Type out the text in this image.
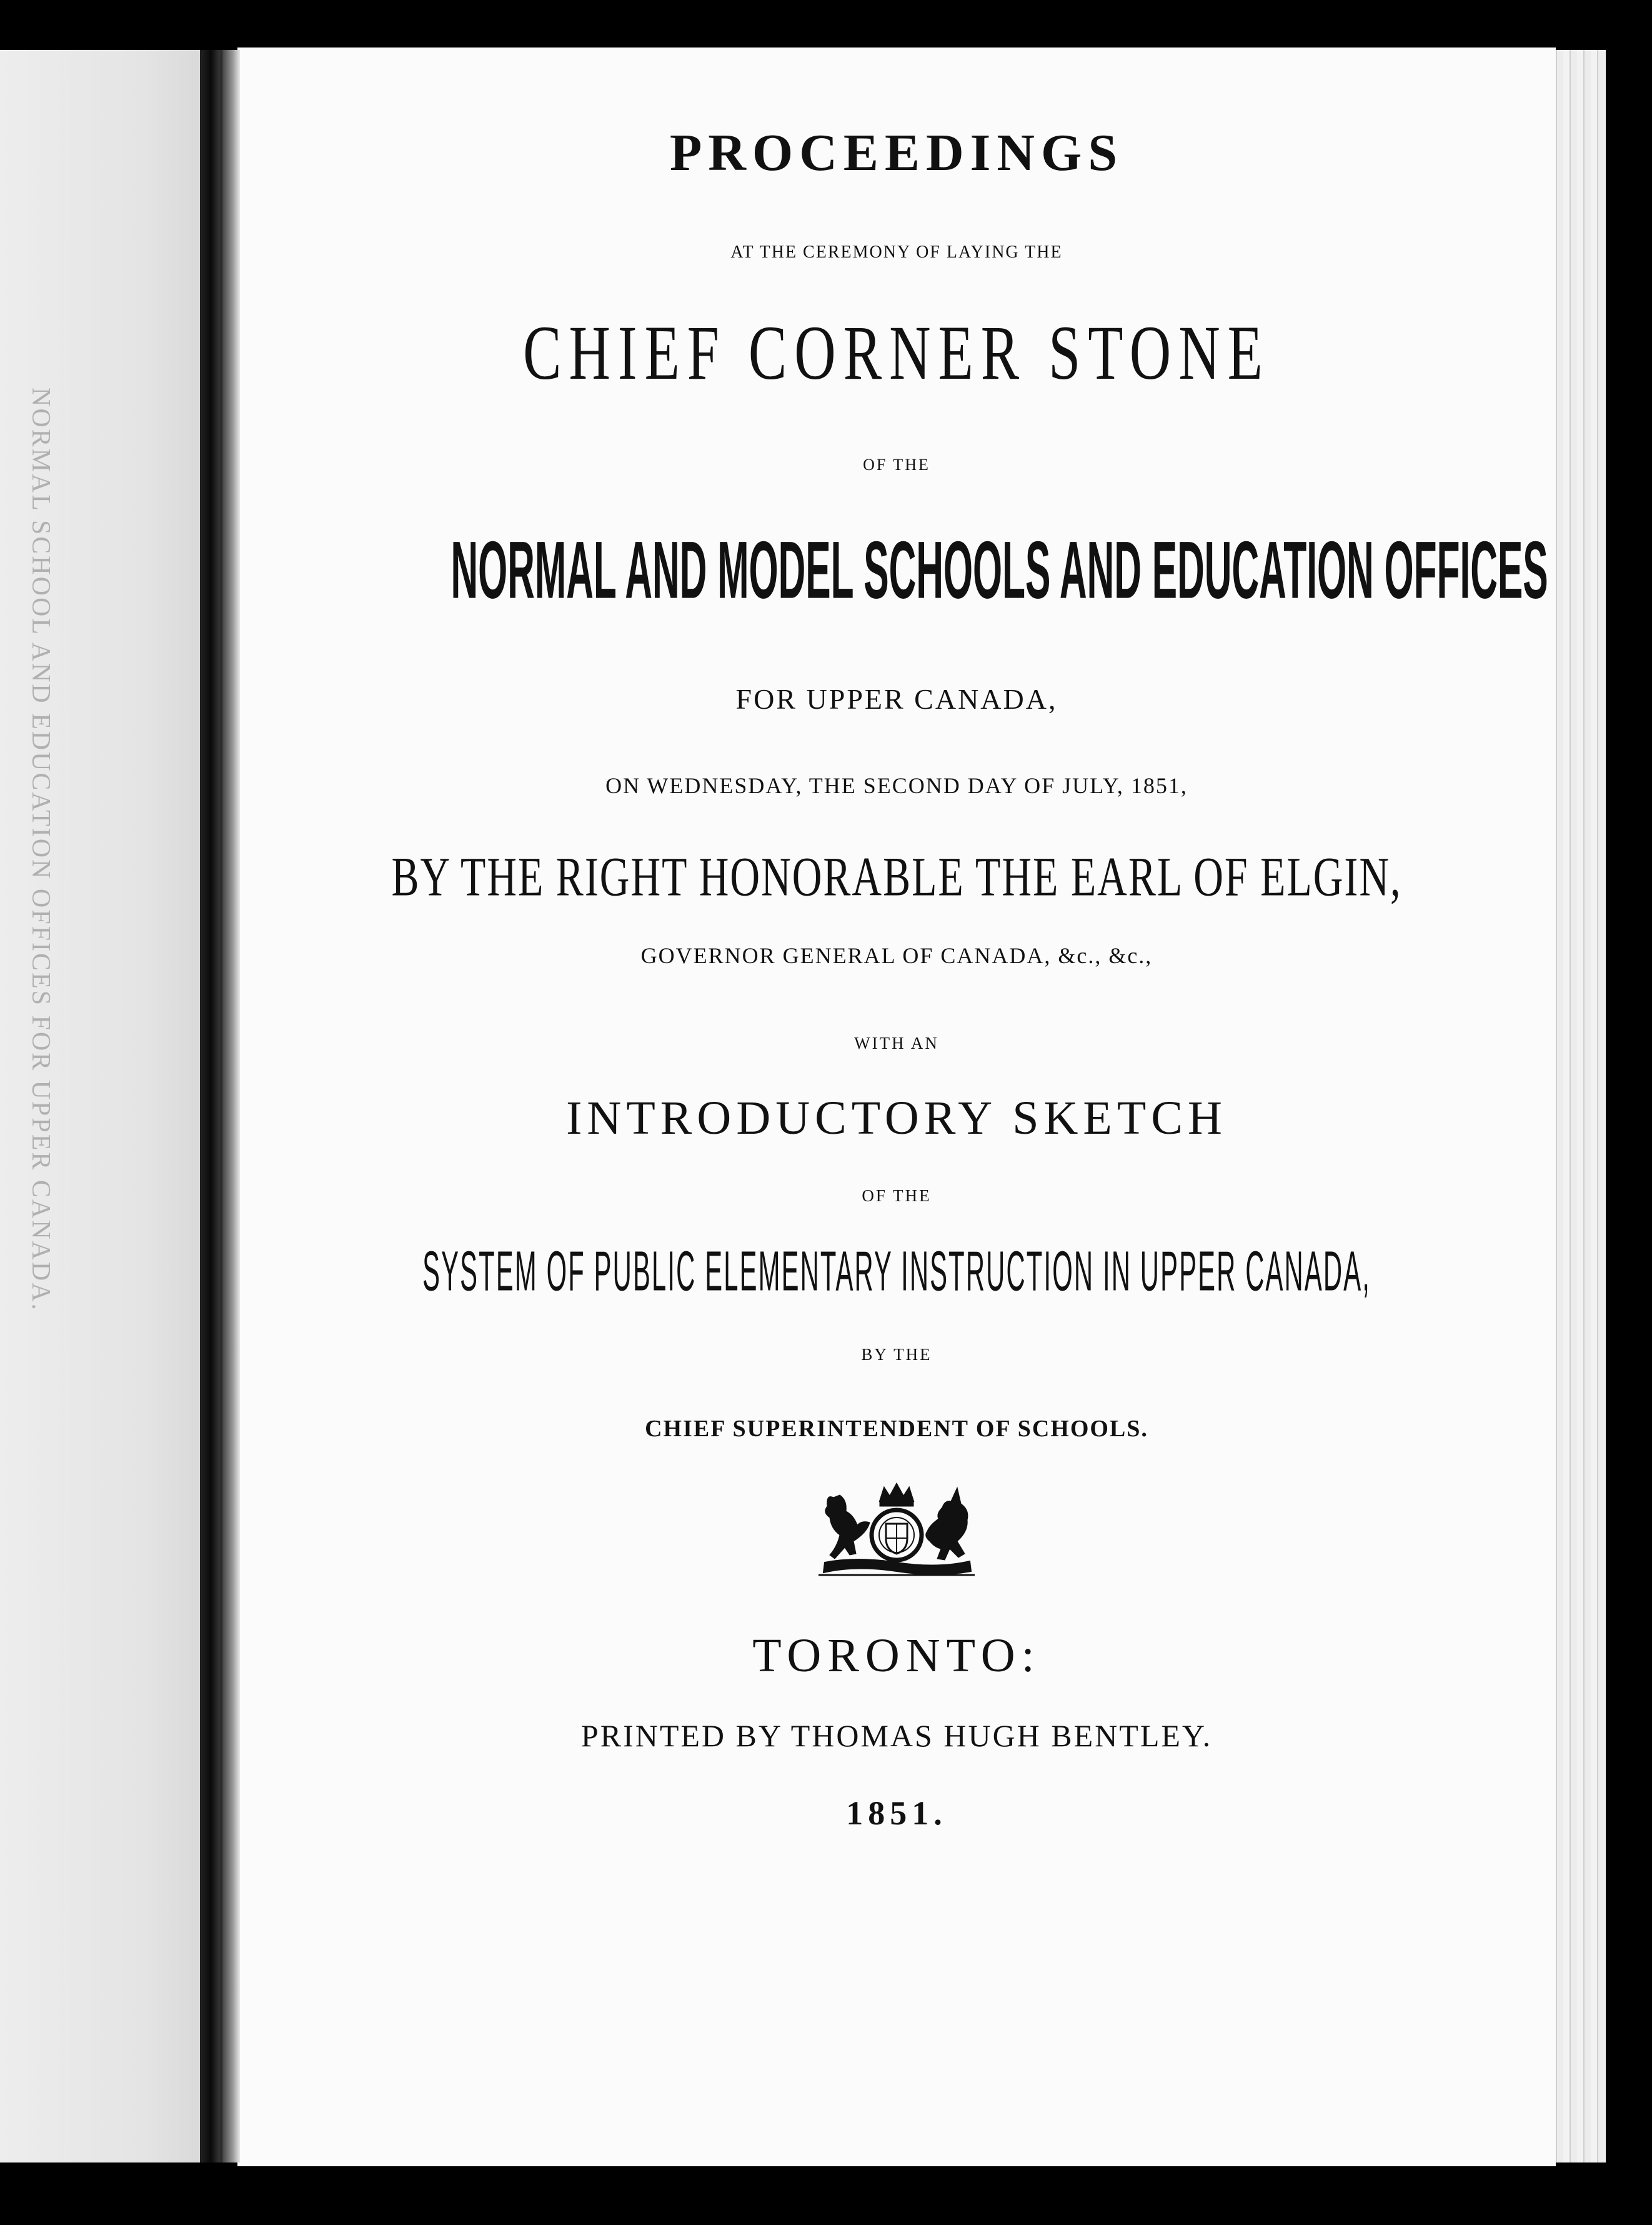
NORMAL SCHOOL AND EDUCATION OFFICES FOR UPPER CANADA.
PROCEEDINGS
AT THE CEREMONY OF LAYING THE
CHIEF CORNER STONE
OF THE
NORMAL AND MODEL SCHOOLS AND EDUCATION OFFICES
FOR UPPER CANADA,
ON WEDNESDAY, THE SECOND DAY OF JULY, 1851,
BY THE RIGHT HONORABLE THE EARL OF ELGIN,
GOVERNOR GENERAL OF CANADA, &c., &c.,
WITH AN
INTRODUCTORY SKETCH
OF THE
SYSTEM OF PUBLIC ELEMENTARY INSTRUCTION IN UPPER CANADA,
BY THE
CHIEF SUPERINTENDENT OF SCHOOLS.
TORONTO:
PRINTED BY THOMAS HUGH BENTLEY.
1851.
